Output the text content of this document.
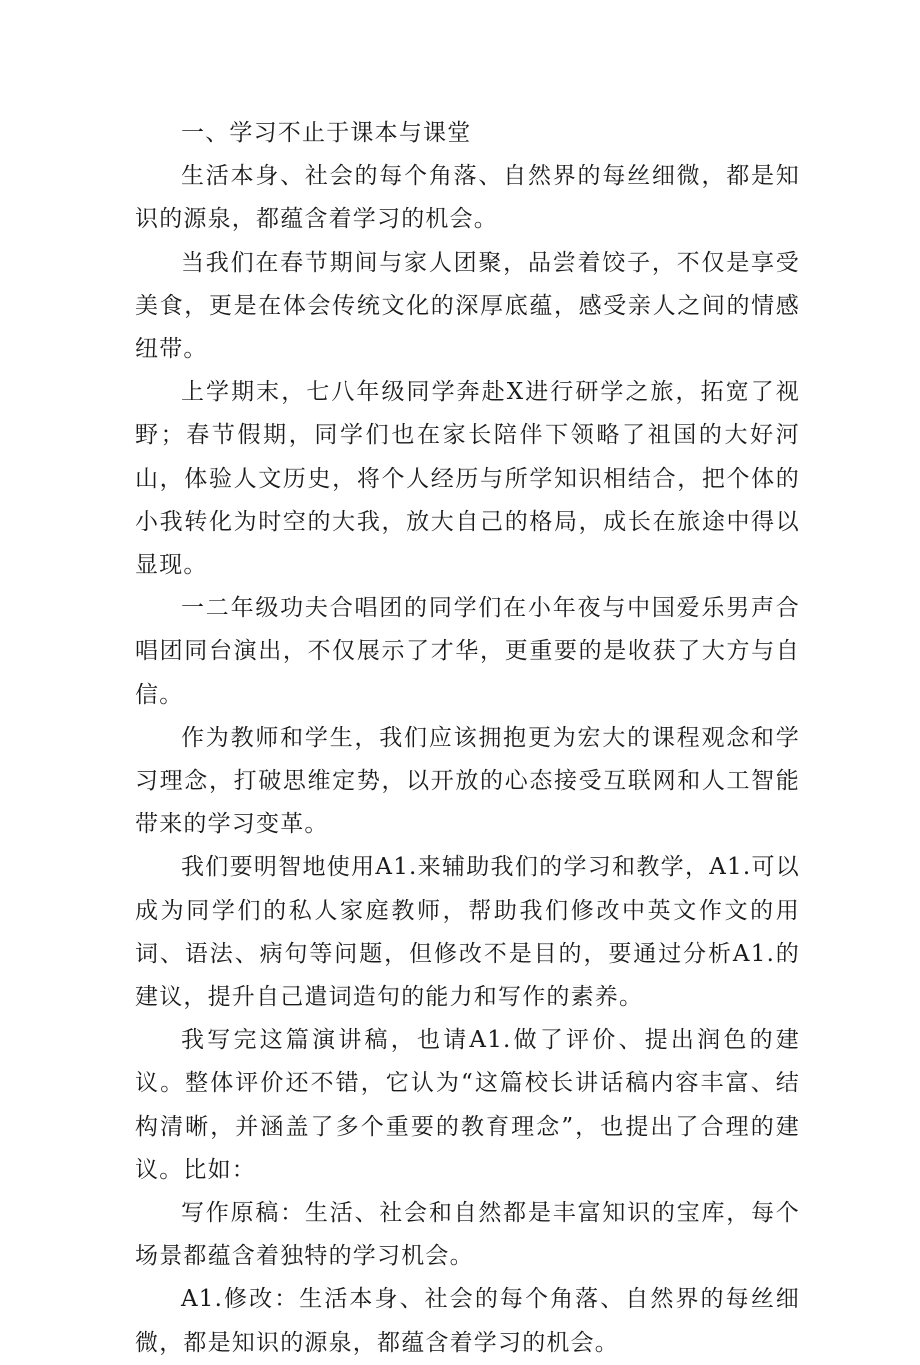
一、学习不止于课本与课堂

生活本身、社会的每个角落、自然界的每丝细微，都是知识的源泉，都蕴含着学习的机会。

当我们在春节期间与家人团聚，品尝着饺子，不仅是享受美食，更是在体会传统文化的深厚底蕴，感受亲人之间的情感纽带。

上学期末，七八年级同学奔赴X进行研学之旅，拓宽了视野；春节假期，同学们也在家长陪伴下领略了祖国的大好河山，体验人文历史，将个人经历与所学知识相结合，把个体的小我转化为时空的大我，放大自己的格局，成长在旅途中得以显现。

一二年级功夫合唱团的同学们在小年夜与中国爱乐男声合唱团同台演出，不仅展示了才华，更重要的是收获了大方与自信。

作为教师和学生，我们应该拥抱更为宏大的课程观念和学习理念，打破思维定势，以开放的心态接受互联网和人工智能带来的学习变革。

我们要明智地使用A1.来辅助我们的学习和教学，A1.可以成为同学们的私人家庭教师，帮助我们修改中英文作文的用词、语法、病句等问题，但修改不是目的，要通过分析A1.的建议，提升自己遣词造句的能力和写作的素养。

我写完这篇演讲稿，也请A1.做了评价、提出润色的建议。整体评价还不错，它认为“这篇校长讲话稿内容丰富、结构清晰，并涵盖了多个重要的教育理念”，也提出了合理的建议。比如：

写作原稿：生活、社会和自然都是丰富知识的宝库，每个场景都蕴含着独特的学习机会。

A1.修改：生活本身、社会的每个角落、自然界的每丝细微，都是知识的源泉，都蕴含着学习的机会。
